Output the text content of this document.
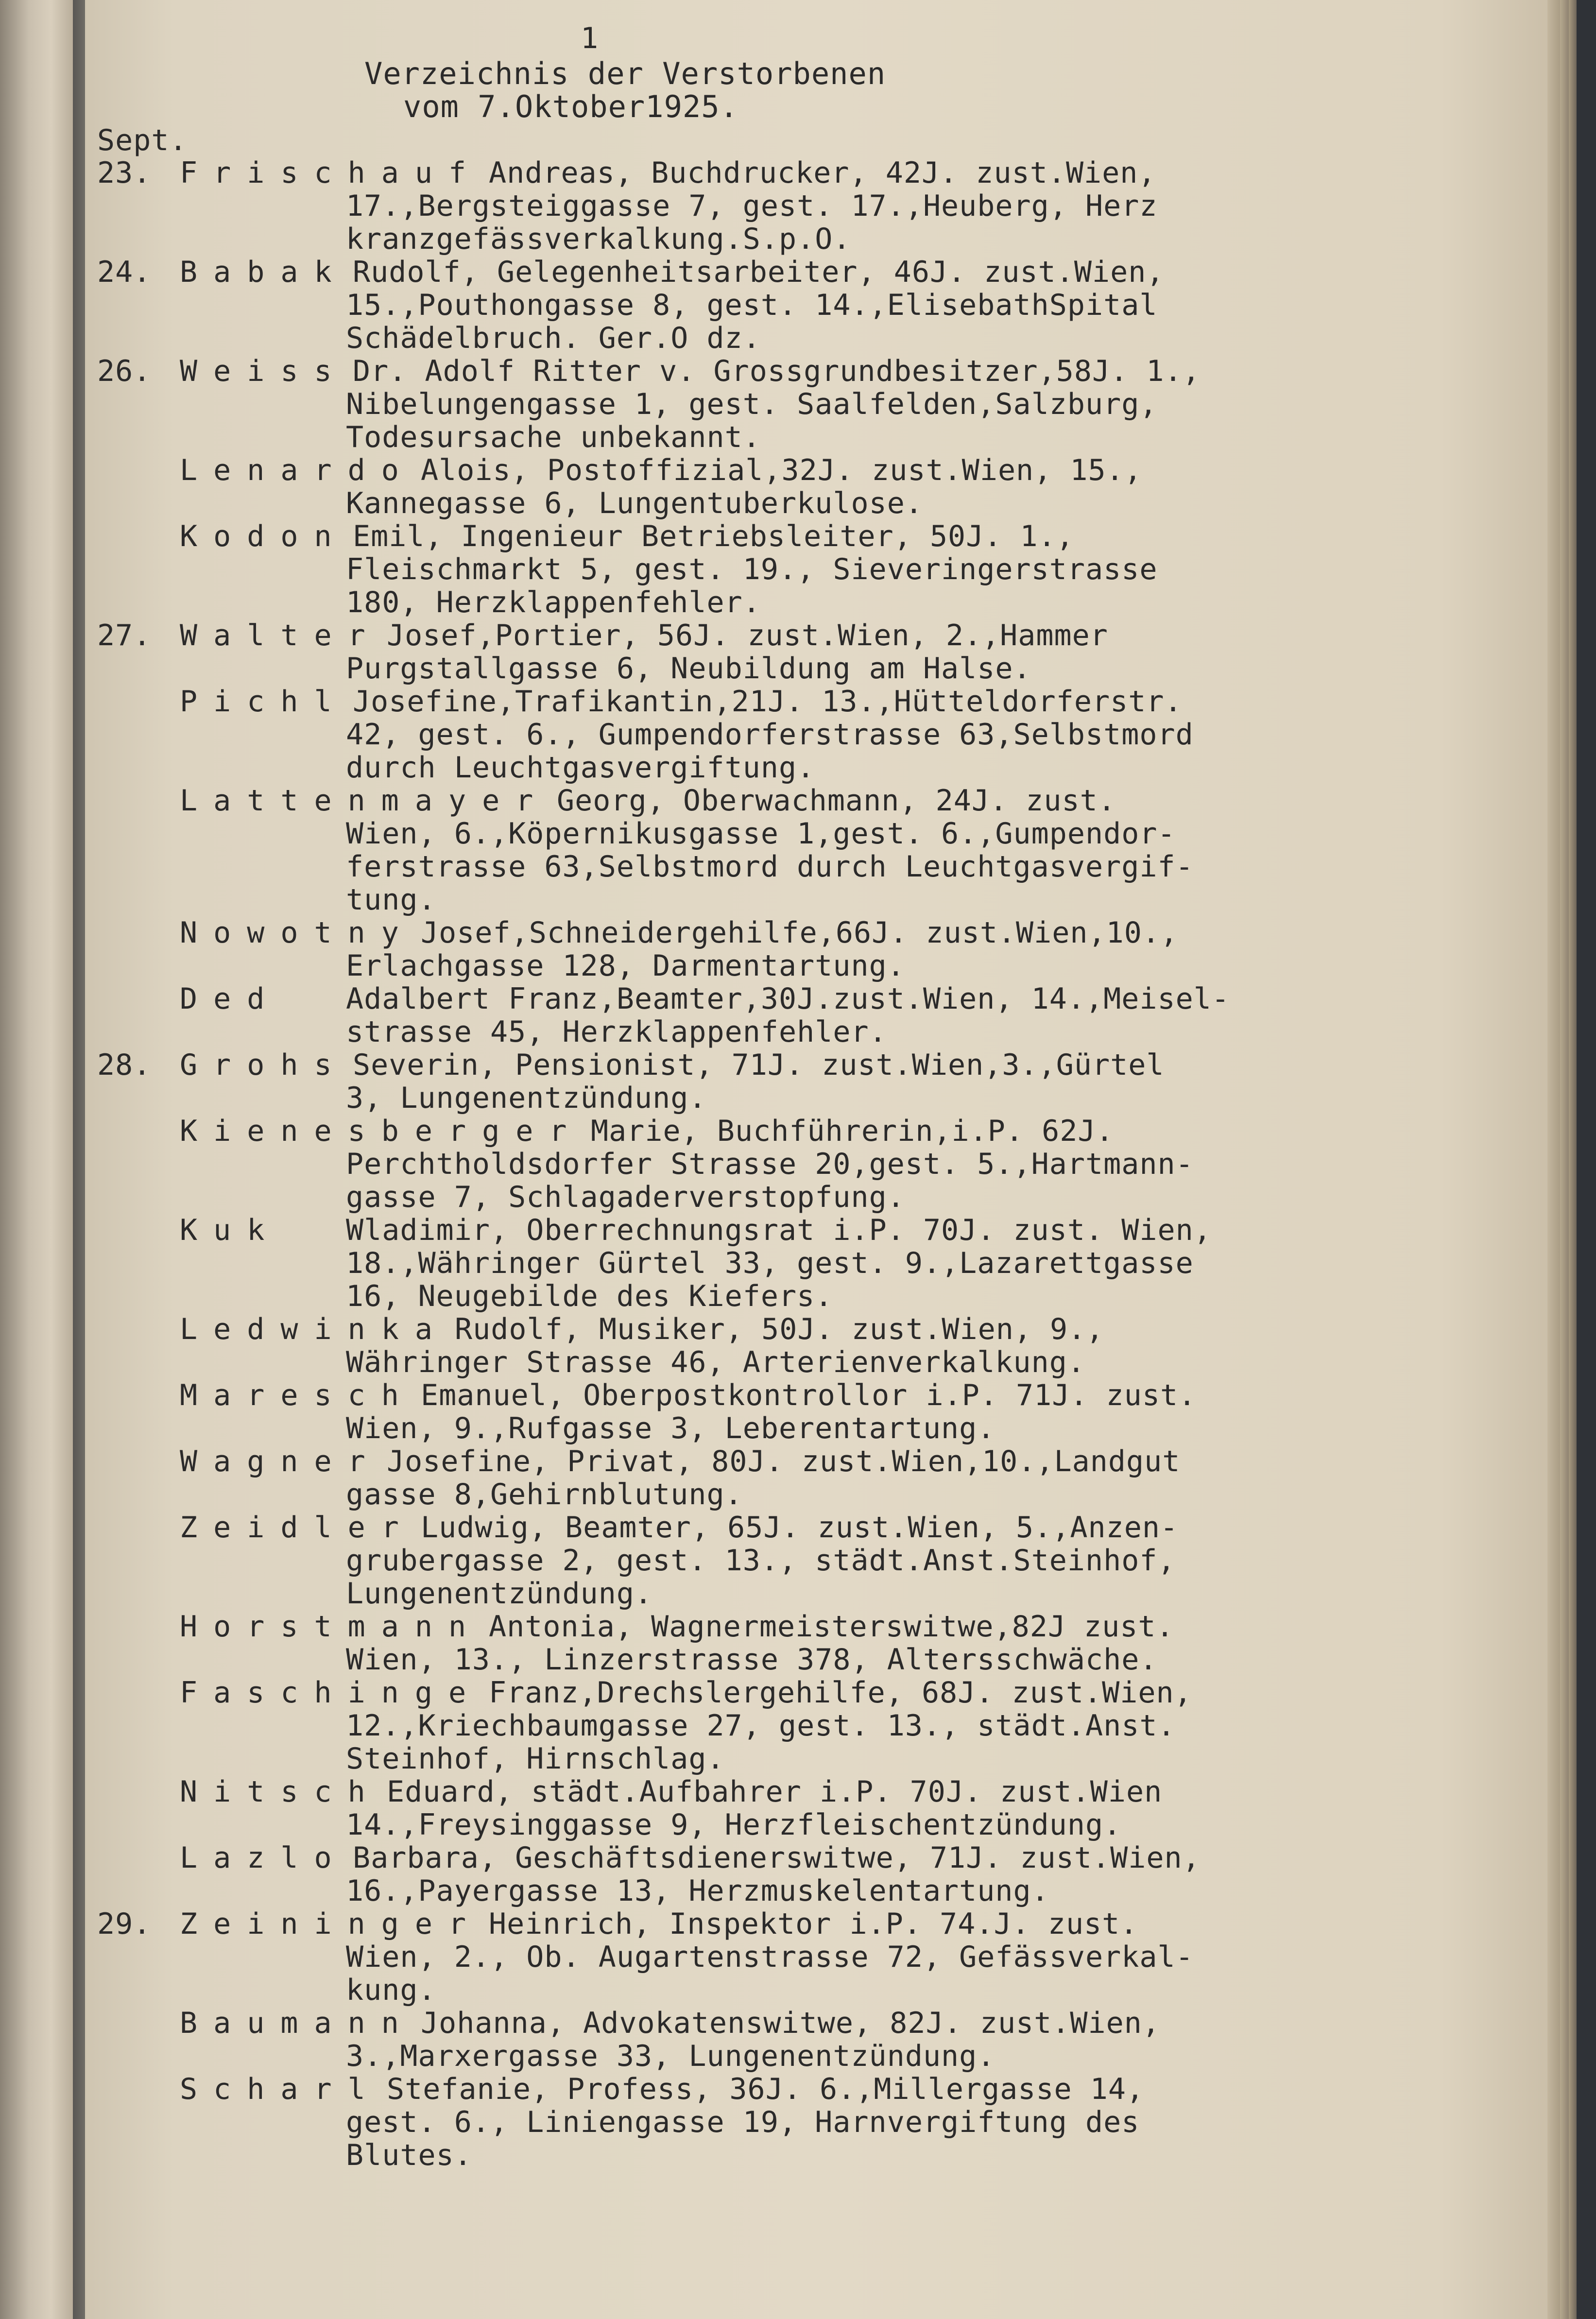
1
Verzeichnis der Verstorbenen
vom 7.Oktober1925.
Sept.
23. Frischauf Andreas, Buchdrucker, 42J. zust.Wien,
17.,Bergsteiggasse 7, gest. 17.,Heuberg, Herz
kranzgefässverkalkung.S.p.O.
24. Babak Rudolf, Gelegenheitsarbeiter, 46J. zust.Wien,
15.,Pouthongasse 8, gest. 14.,ElisebathSpital
Schädelbruch. Ger.O dz.
26. Weiss Dr. Adolf Ritter v. Grossgrundbesitzer,58J. 1.,
Nibelungengasse 1, gest. Saalfelden,Salzburg,
Todesursache unbekannt.
Lenardo Alois, Postoffizial,32J. zust.Wien, 15.,
Kannegasse 6, Lungentuberkulose.
Kodon Emil, Ingenieur Betriebsleiter, 50J. 1.,
Fleischmarkt 5, gest. 19., Sieveringerstrasse
180, Herzklappenfehler.
27. Walter Josef,Portier, 56J. zust.Wien, 2.,Hammer
Purgstallgasse 6, Neubildung am Halse.
Pichl Josefine,Trafikantin,21J. 13.,Hütteldorferstr.
42, gest. 6., Gumpendorferstrasse 63,Selbstmord
durch Leuchtgasvergiftung.
Lattenmayer Georg, Oberwachmann, 24J. zust.
Wien, 6.,Köpernikusgasse 1,gest. 6.,Gumpendor-
ferstrasse 63,Selbstmord durch Leuchtgasvergif-
tung.
Nowotny Josef,Schneidergehilfe,66J. zust.Wien,10.,
Erlachgasse 128, Darmentartung.
Ded Adalbert Franz,Beamter,30J.zust.Wien, 14.,Meisel-
strasse 45, Herzklappenfehler.
28. Grohs Severin, Pensionist, 71J. zust.Wien,3.,Gürtel
3, Lungenentzündung.
Kienesberger Marie, Buchführerin,i.P. 62J.
Perchtholdsdorfer Strasse 20,gest. 5.,Hartmann-
gasse 7, Schlagaderverstopfung.
Kuk Wladimir, Oberrechnungsrat i.P. 70J. zust. Wien,
18.,Währinger Gürtel 33, gest. 9.,Lazarettgasse
16, Neugebilde des Kiefers.
Ledwinka Rudolf, Musiker, 50J. zust.Wien, 9.,
Währinger Strasse 46, Arterienverkalkung.
Maresch Emanuel, Oberpostkontrollor i.P. 71J. zust.
Wien, 9.,Rufgasse 3, Leberentartung.
Wagner Josefine, Privat, 80J. zust.Wien,10.,Landgut
gasse 8,Gehirnblutung.
Zeidler Ludwig, Beamter, 65J. zust.Wien, 5.,Anzen-
grubergasse 2, gest. 13., städt.Anst.Steinhof,
Lungenentzündung.
Horstmann Antonia, Wagnermeisterswitwe,82J zust.
Wien, 13., Linzerstrasse 378, Altersschwäche.
Faschinge Franz,Drechslergehilfe, 68J. zust.Wien,
12.,Kriechbaumgasse 27, gest. 13., städt.Anst.
Steinhof, Hirnschlag.
Nitsch Eduard, städt.Aufbahrer i.P. 70J. zust.Wien
14.,Freysinggasse 9, Herzfleischentzündung.
Lazlo Barbara, Geschäftsdienerswitwe, 71J. zust.Wien,
16.,Payergasse 13, Herzmuskelentartung.
29. Zeininger Heinrich, Inspektor i.P. 74.J. zust.
Wien, 2., Ob. Augartenstrasse 72, Gefässverkal-
kung.
Baumann Johanna, Advokatenswitwe, 82J. zust.Wien,
3.,Marxergasse 33, Lungenentzündung.
Scharl Stefanie, Profess, 36J. 6.,Millergasse 14,
gest. 6., Liniengasse 19, Harnvergiftung des
Blutes.
